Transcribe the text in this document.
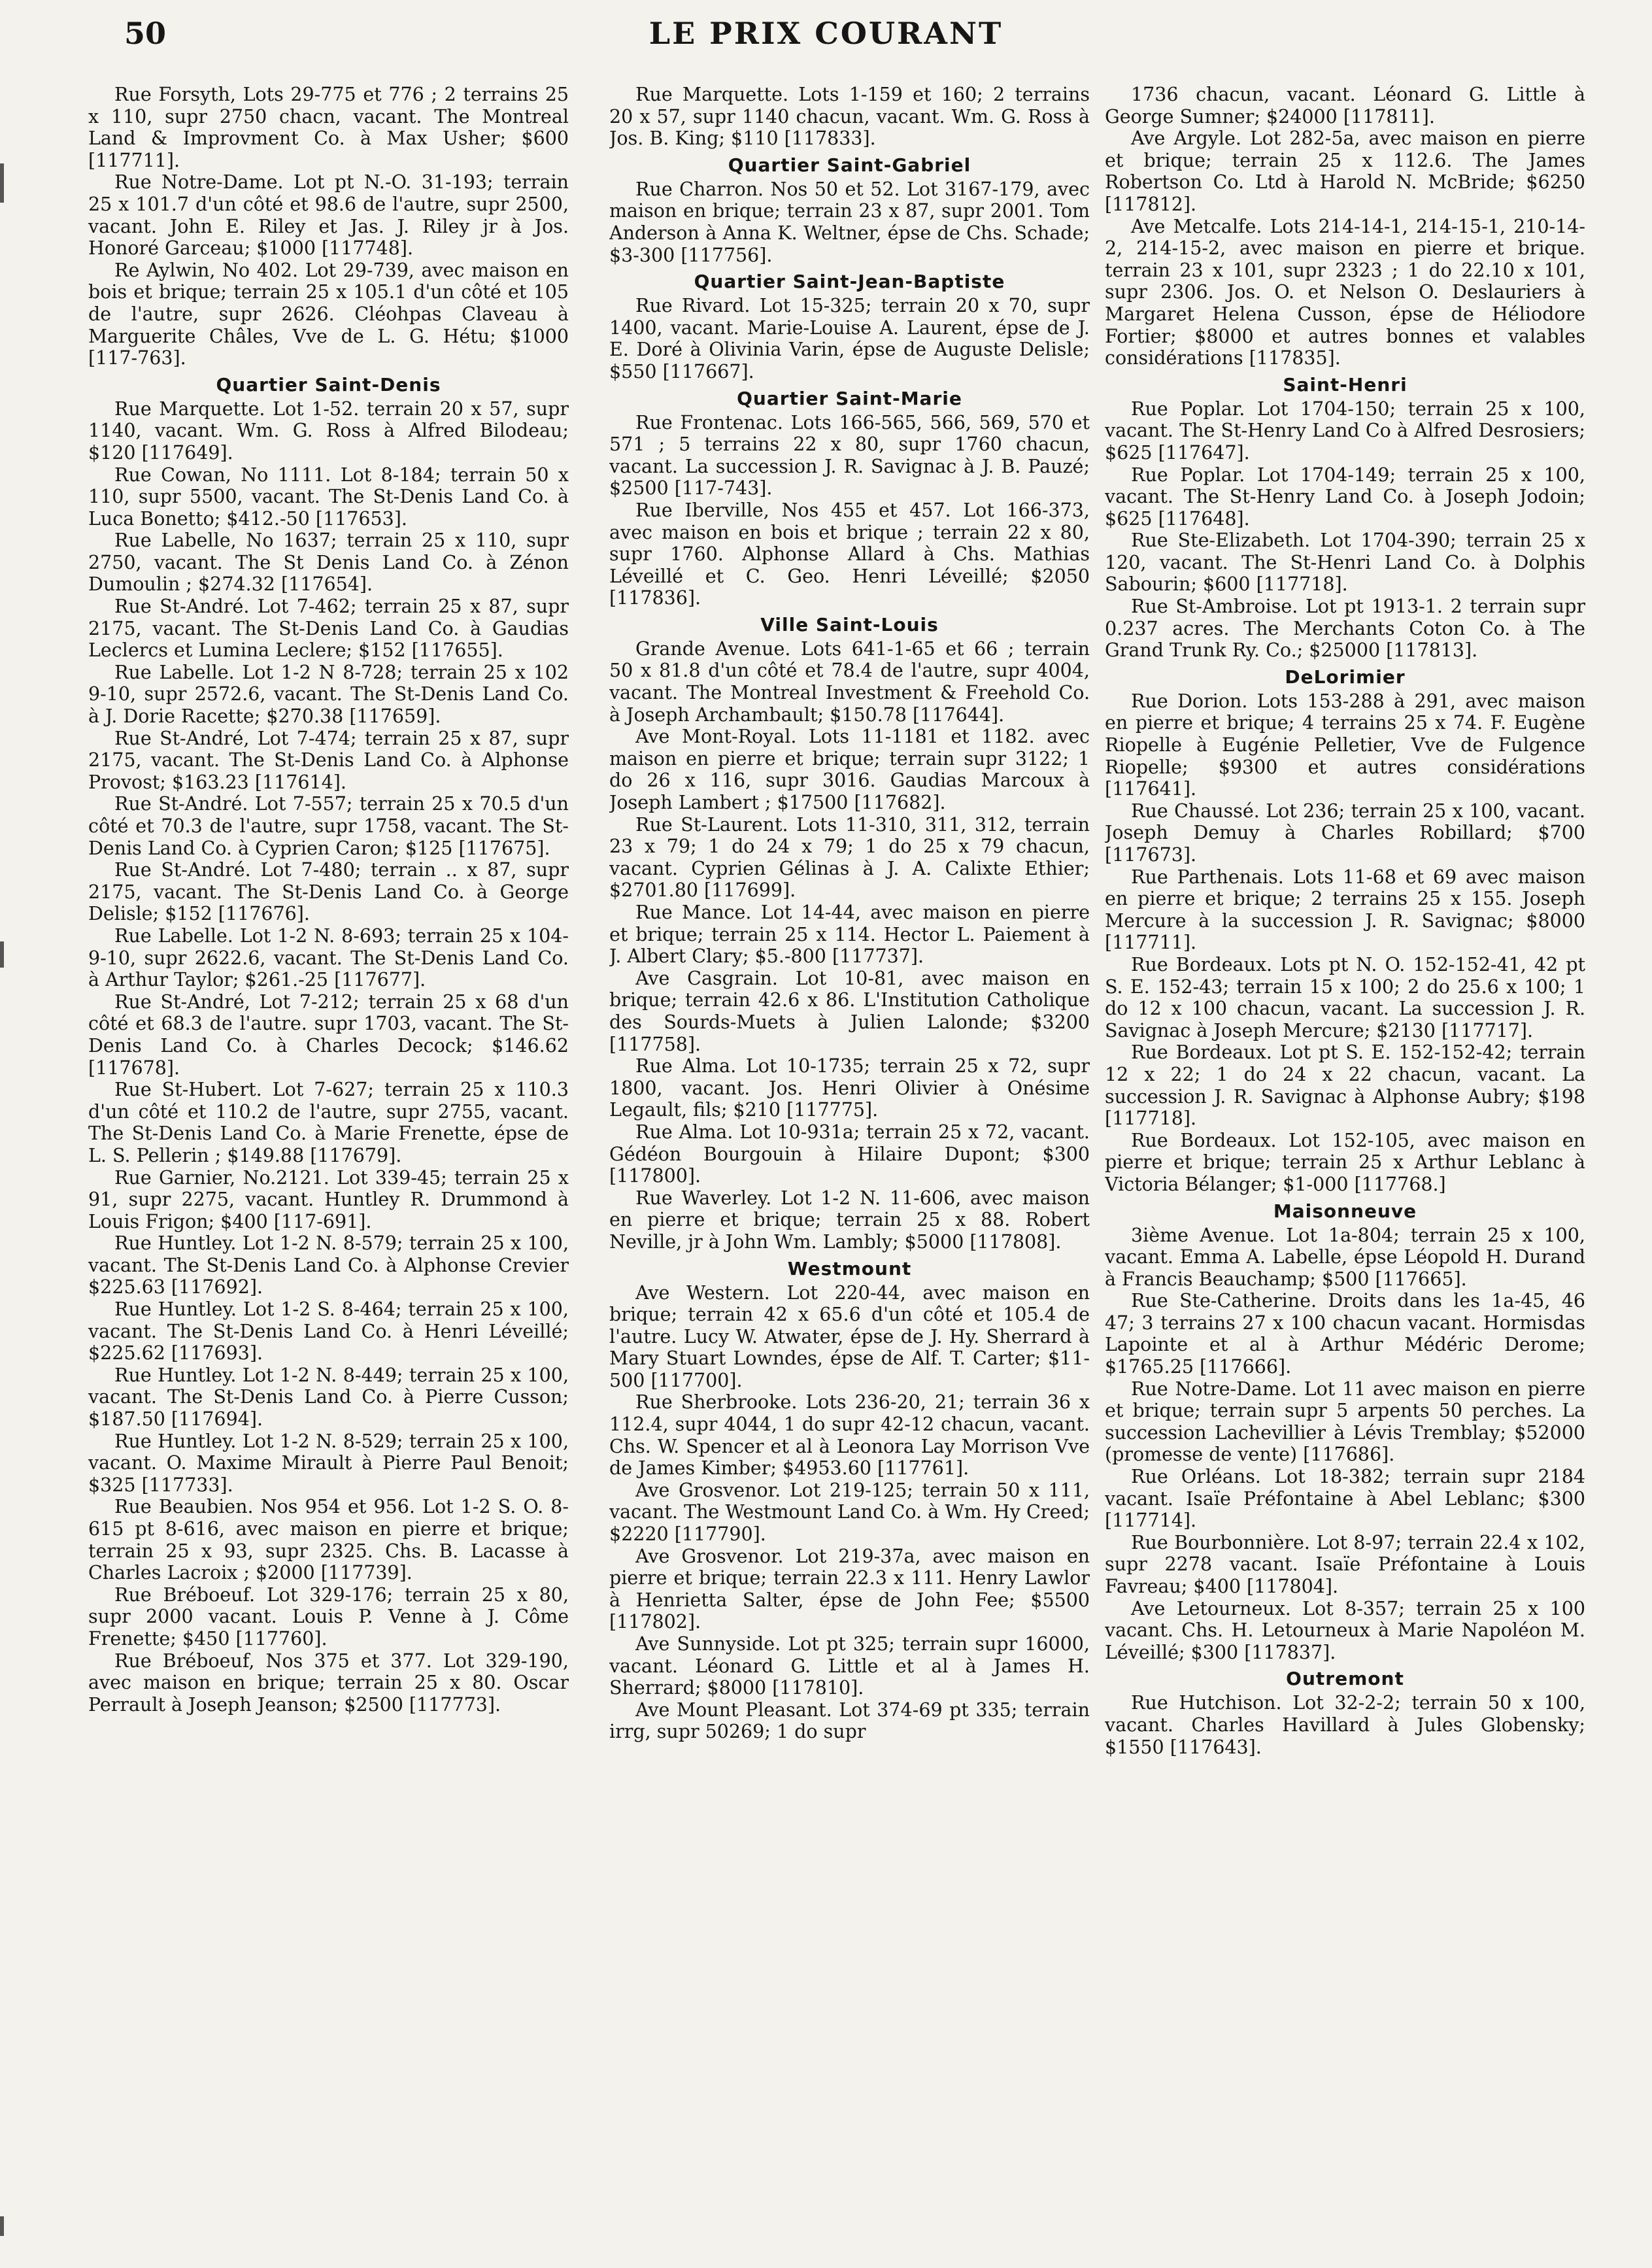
50	LE PRIX COURANT

Rue Forsyth, Lots 29-775 et 776 ; 2 terrains 25 x 110, supr 2750 chacn, vacant. The Montreal Land & Improvment Co. à Max Usher; $600 [117711].

Rue Notre-Dame. Lot pt N.-O. 31-193; terrain 25 x 101.7 d'un côté et 98.6 de l'autre, supr 2500, vacant. John E. Riley et Jas. J. Riley jr à Jos. Honoré Garceau; $1000 [117748].

Re Aylwin, No 402. Lot 29-739, avec maison en bois et brique; terrain 25 x 105.1 d'un côté et 105 de l'autre, supr 2626. Cléohpas Claveau à Marguerite Châles, Vve de L. G. Hétu; $1000 [117-763].

Quartier Saint-Denis

Rue Marquette. Lot 1-52. terrain 20 x 57, supr 1140, vacant. Wm. G. Ross à Alfred Bilodeau; $120 [117649].

Rue Cowan, No 1111. Lot 8-184; terrain 50 x 110, supr 5500, vacant. The St-Denis Land Co. à Luca Bonetto; $412.-50 [117653].

Rue Labelle, No 1637; terrain 25 x 110, supr 2750, vacant. The St Denis Land Co. à Zénon Dumoulin ; $274.32 [117654].

Rue St-André. Lot 7-462; terrain 25 x 87, supr 2175, vacant. The St-Denis Land Co. à Gaudias Leclercs et Lumina Leclere; $152 [117655].

Rue Labelle. Lot 1-2 N 8-728; terrain 25 x 102 9-10, supr 2572.6, vacant. The St-Denis Land Co. à J. Dorie Racette; $270.38 [117659].

Rue St-André, Lot 7-474; terrain 25 x 87, supr 2175, vacant. The St-Denis Land Co. à Alphonse Provost; $163.23 [117614].

Rue St-André. Lot 7-557; terrain 25 x 70.5 d'un côté et 70.3 de l'autre, supr 1758, vacant. The St-Denis Land Co. à Cyprien Caron; $125 [117675].

Rue St-André. Lot 7-480; terrain .. x 87, supr 2175, vacant. The St-Denis Land Co. à George Delisle; $152 [117676].

Rue Labelle. Lot 1-2 N. 8-693; terrain 25 x 104-9-10, supr 2622.6, vacant. The St-Denis Land Co. à Arthur Taylor; $261.-25 [117677].

Rue St-André, Lot 7-212; terrain 25 x 68 d'un côté et 68.3 de l'autre. supr 1703, vacant. The St-Denis Land Co. à Charles Decock; $146.62 [117678].

Rue St-Hubert. Lot 7-627; terrain 25 x 110.3 d'un côté et 110.2 de l'autre, supr 2755, vacant. The St-Denis Land Co. à Marie Frenette, épse de L. S. Pellerin ; $149.88 [117679].

Rue Garnier, No.2121. Lot 339-45; terrain 25 x 91, supr 2275, vacant. Huntley R. Drummond à Louis Frigon; $400 [117-691].

Rue Huntley. Lot 1-2 N. 8-579; terrain 25 x 100, vacant. The St-Denis Land Co. à Alphonse Crevier $225.63 [117692].

Rue Huntley. Lot 1-2 S. 8-464; terrain 25 x 100, vacant. The St-Denis Land Co. à Henri Léveillé; $225.62 [117693].

Rue Huntley. Lot 1-2 N. 8-449; terrain 25 x 100, vacant. The St-Denis Land Co. à Pierre Cusson; $187.50 [117694].

Rue Huntley. Lot 1-2 N. 8-529; terrain 25 x 100, vacant. O. Maxime Mirault à Pierre Paul Benoit; $325 [117733].

Rue Beaubien. Nos 954 et 956. Lot 1-2 S. O. 8-615 pt 8-616, avec maison en pierre et brique; terrain 25 x 93, supr 2325. Chs. B. Lacasse à Charles Lacroix ; $2000 [117739].

Rue Bréboeuf. Lot 329-176; terrain 25 x 80, supr 2000 vacant. Louis P. Venne à J. Côme Frenette; $450 [117760].

Rue Bréboeuf, Nos 375 et 377. Lot 329-190, avec maison en brique; terrain 25 x 80. Oscar Perrault à Joseph Jeanson; $2500 [117773].

Rue Marquette. Lots 1-159 et 160; 2 terrains 20 x 57, supr 1140 chacun, vacant. Wm. G. Ross à Jos. B. King; $110 [117833].

Quartier Saint-Gabriel

Rue Charron. Nos 50 et 52. Lot 3167-179, avec maison en brique; terrain 23 x 87, supr 2001. Tom Anderson à Anna K. Weltner, épse de Chs. Schade; $3-300 [117756].

Quartier Saint-Jean-Baptiste

Rue Rivard. Lot 15-325; terrain 20 x 70, supr 1400, vacant. Marie-Louise A. Laurent, épse de J. E. Doré à Olivinia Varin, épse de Auguste Delisle; $550 [117667].

Quartier Saint-Marie

Rue Frontenac. Lots 166-565, 566, 569, 570 et 571 ; 5 terrains 22 x 80, supr 1760 chacun, vacant. La succession J. R. Savignac à J. B. Pauzé; $2500 [117-743].

Rue Iberville, Nos 455 et 457. Lot 166-373, avec maison en bois et brique ; terrain 22 x 80, supr 1760. Alphonse Allard à Chs. Mathias Léveillé et C. Geo. Henri Léveillé; $2050 [117836].

Ville Saint-Louis

Grande Avenue. Lots 641-1-65 et 66 ; terrain 50 x 81.8 d'un côté et 78.4 de l'autre, supr 4004, vacant. The Montreal Investment & Freehold Co. à Joseph Archambault; $150.78 [117644].

Ave Mont-Royal. Lots 11-1181 et 1182. avec maison en pierre et brique; terrain supr 3122; 1 do 26 x 116, supr 3016. Gaudias Marcoux à Joseph Lambert ; $17500 [117682].

Rue St-Laurent. Lots 11-310, 311, 312, terrain 23 x 79; 1 do 24 x 79; 1 do 25 x 79 chacun, vacant. Cyprien Gélinas à J. A. Calixte Ethier; $2701.80 [117699].

Rue Mance. Lot 14-44, avec maison en pierre et brique; terrain 25 x 114. Hector L. Paiement à J. Albert Clary; $5.-800 [117737].

Ave Casgrain. Lot 10-81, avec maison en brique; terrain 42.6 x 86. L'Institution Catholique des Sourds-Muets à Julien Lalonde; $3200 [117758].

Rue Alma. Lot 10-1735; terrain 25 x 72, supr 1800, vacant. Jos. Henri Olivier à Onésime Legault, fils; $210 [117775].

Rue Alma. Lot 10-931a; terrain 25 x 72, vacant. Gédéon Bourgouin à Hilaire Dupont; $300 [117800].

Rue Waverley. Lot 1-2 N. 11-606, avec maison en pierre et brique; terrain 25 x 88. Robert Neville, jr à John Wm. Lambly; $5000 [117808].

Westmount

Ave Western. Lot 220-44, avec maison en brique; terrain 42 x 65.6 d'un côté et 105.4 de l'autre. Lucy W. Atwater, épse de J. Hy. Sherrard à Mary Stuart Lowndes, épse de Alf. T. Carter; $11-500 [117700].

Rue Sherbrooke. Lots 236-20, 21; terrain 36 x 112.4, supr 4044, 1 do supr 42-12 chacun, vacant. Chs. W. Spencer et al à Leonora Lay Morrison Vve de James Kimber; $4953.60 [117761].

Ave Grosvenor. Lot 219-125; terrain 50 x 111, vacant. The Westmount Land Co. à Wm. Hy Creed; $2220 [117790].

Ave Grosvenor. Lot 219-37a, avec maison en pierre et brique; terrain 22.3 x 111. Henry Lawlor à Henrietta Salter, épse de John Fee; $5500 [117802].

Ave Sunnyside. Lot pt 325; terrain supr 16000, vacant. Léonard G. Little et al à James H. Sherrard; $8000 [117810].

Ave Mount Pleasant. Lot 374-69 pt 335; terrain irrg, supr 50269; 1 do supr

1736 chacun, vacant. Léonard G. Little à George Sumner; $24000 [117811].

Ave Argyle. Lot 282-5a, avec maison en pierre et brique; terrain 25 x 112.6. The James Robertson Co. Ltd à Harold N. McBride; $6250 [117812].

Ave Metcalfe. Lots 214-14-1, 214-15-1, 210-14-2, 214-15-2, avec maison en pierre et brique. terrain 23 x 101, supr 2323 ; 1 do 22.10 x 101, supr 2306. Jos. O. et Nelson O. Deslauriers à Margaret Helena Cusson, épse de Héliodore Fortier; $8000 et autres bonnes et valables considérations [117835].

Saint-Henri

Rue Poplar. Lot 1704-150; terrain 25 x 100, vacant. The St-Henry Land Co à Alfred Desrosiers; $625 [117647].

Rue Poplar. Lot 1704-149; terrain 25 x 100, vacant. The St-Henry Land Co. à Joseph Jodoin; $625 [117648].

Rue Ste-Elizabeth. Lot 1704-390; terrain 25 x 120, vacant. The St-Henri Land Co. à Dolphis Sabourin; $600 [117718].

Rue St-Ambroise. Lot pt 1913-1. 2 terrain supr 0.237 acres. The Merchants Coton Co. à The Grand Trunk Ry. Co.; $25000 [117813].

DeLorimier

Rue Dorion. Lots 153-288 à 291, avec maison en pierre et brique; 4 terrains 25 x 74. F. Eugène Riopelle à Eugénie Pelletier, Vve de Fulgence Riopelle; $9300 et autres considérations [117641].

Rue Chaussé. Lot 236; terrain 25 x 100, vacant. Joseph Demuy à Charles Robillard; $700 [117673].

Rue Parthenais. Lots 11-68 et 69 avec maison en pierre et brique; 2 terrains 25 x 155. Joseph Mercure à la succession J. R. Savignac; $8000 [117711].

Rue Bordeaux. Lots pt N. O. 152-152-41, 42 pt S. E. 152-43; terrain 15 x 100; 2 do 25.6 x 100; 1 do 12 x 100 chacun, vacant. La succession J. R. Savignac à Joseph Mercure; $2130 [117717].

Rue Bordeaux. Lot pt S. E. 152-152-42; terrain 12 x 22; 1 do 24 x 22 chacun, vacant. La succession J. R. Savignac à Alphonse Aubry; $198 [117718].

Rue Bordeaux. Lot 152-105, avec maison en pierre et brique; terrain 25 x Arthur Leblanc à Victoria Bélanger; $1-000 [117768.]

Maisonneuve

3ième Avenue. Lot 1a-804; terrain 25 x 100, vacant. Emma A. Labelle, épse Léopold H. Durand à Francis Beauchamp; $500 [117665].

Rue Ste-Catherine. Droits dans les 1a-45, 46 47; 3 terrains 27 x 100 chacun vacant. Hormisdas Lapointe et al à Arthur Médéric Derome; $1765.25 [117666].

Rue Notre-Dame. Lot 11 avec maison en pierre et brique; terrain supr 5 arpents 50 perches. La succession Lachevillier à Lévis Tremblay; $52000 (promesse de vente) [117686].

Rue Orléans. Lot 18-382; terrain supr 2184 vacant. Isaïe Préfontaine à Abel Leblanc; $300 [117714].

Rue Bourbonnière. Lot 8-97; terrain 22.4 x 102, supr 2278 vacant. Isaïe Préfontaine à Louis Favreau; $400 [117804].

Ave Letourneux. Lot 8-357; terrain 25 x 100 vacant. Chs. H. Letourneux à Marie Napoléon M. Léveillé; $300 [117837].

Outremont

Rue Hutchison. Lot 32-2-2; terrain 50 x 100, vacant. Charles Havillard à Jules Globensky; $1550 [117643].
